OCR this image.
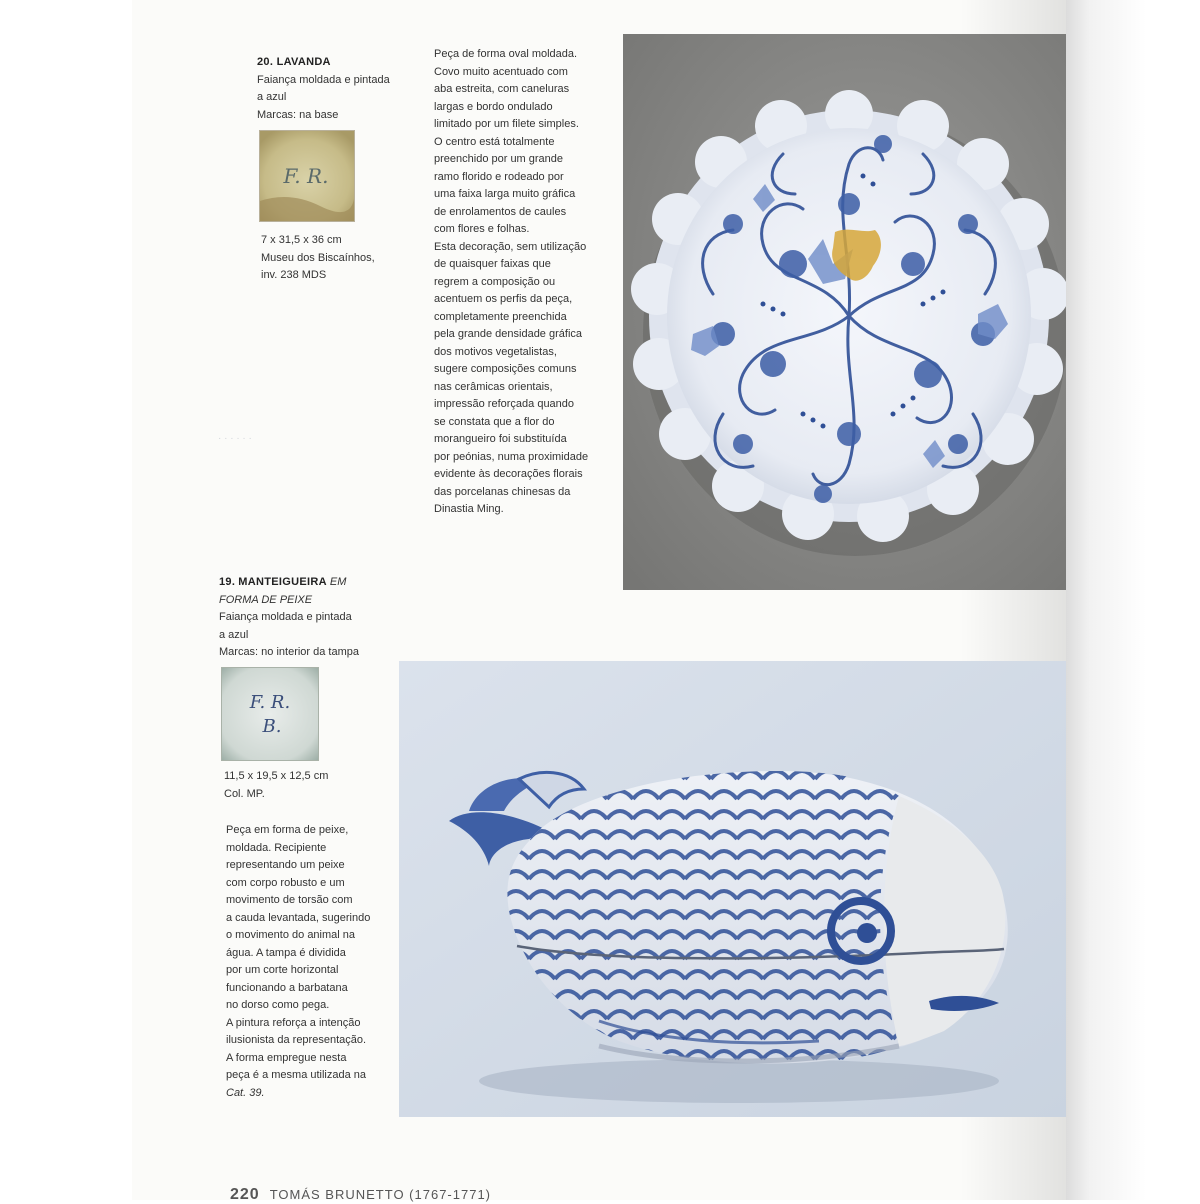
20. LAVANDA
Faiança moldada e pintada
a azul
Marcas: na base
F. R.
7 x 31,5 x 36 cm
Museu dos Biscaínhos,
inv. 238 MDS
Peça de forma oval moldada.
Covo muito acentuado com
aba estreita, com caneluras
largas e bordo ondulado
limitado por um filete simples.
O centro está totalmente
preenchido por um grande
ramo florido e rodeado por
uma faixa larga muito gráfica
de enrolamentos de caules
com flores e folhas.
Esta decoração, sem utilização
de quaisquer faixas que
regrem a composição ou
acentuem os perfis da peça,
completamente preenchida
pela grande densidade gráfica
dos motivos vegetalistas,
sugere composições comuns
nas cerâmicas orientais,
impressão reforçada quando
se constata que a flor do
morangueiro foi substituída
por peónias, numa proximidade
evidente às decorações florais
das porcelanas chinesas da
Dinastia Ming.
· · · · · ·
19. MANTEIGUEIRA EM
FORMA DE PEIXE
Faiança moldada e pintada
a azul
Marcas: no interior da tampa
F. R.
B.
11,5 x 19,5 x 12,5 cm
Col. MP.
Peça em forma de peixe,
moldada. Recipiente
representando um peixe
com corpo robusto e um
movimento de torsão com
a cauda levantada, sugerindo
o movimento do animal na
água. A tampa é dividida
por um corte horizontal
funcionando a barbatana
no dorso como pega.
A pintura reforça a intenção
ilusionista da representação.
A forma empregue nesta
peça é a mesma utilizada na
Cat. 39.
220 TOMÁS BRUNETTO (1767-1771)
